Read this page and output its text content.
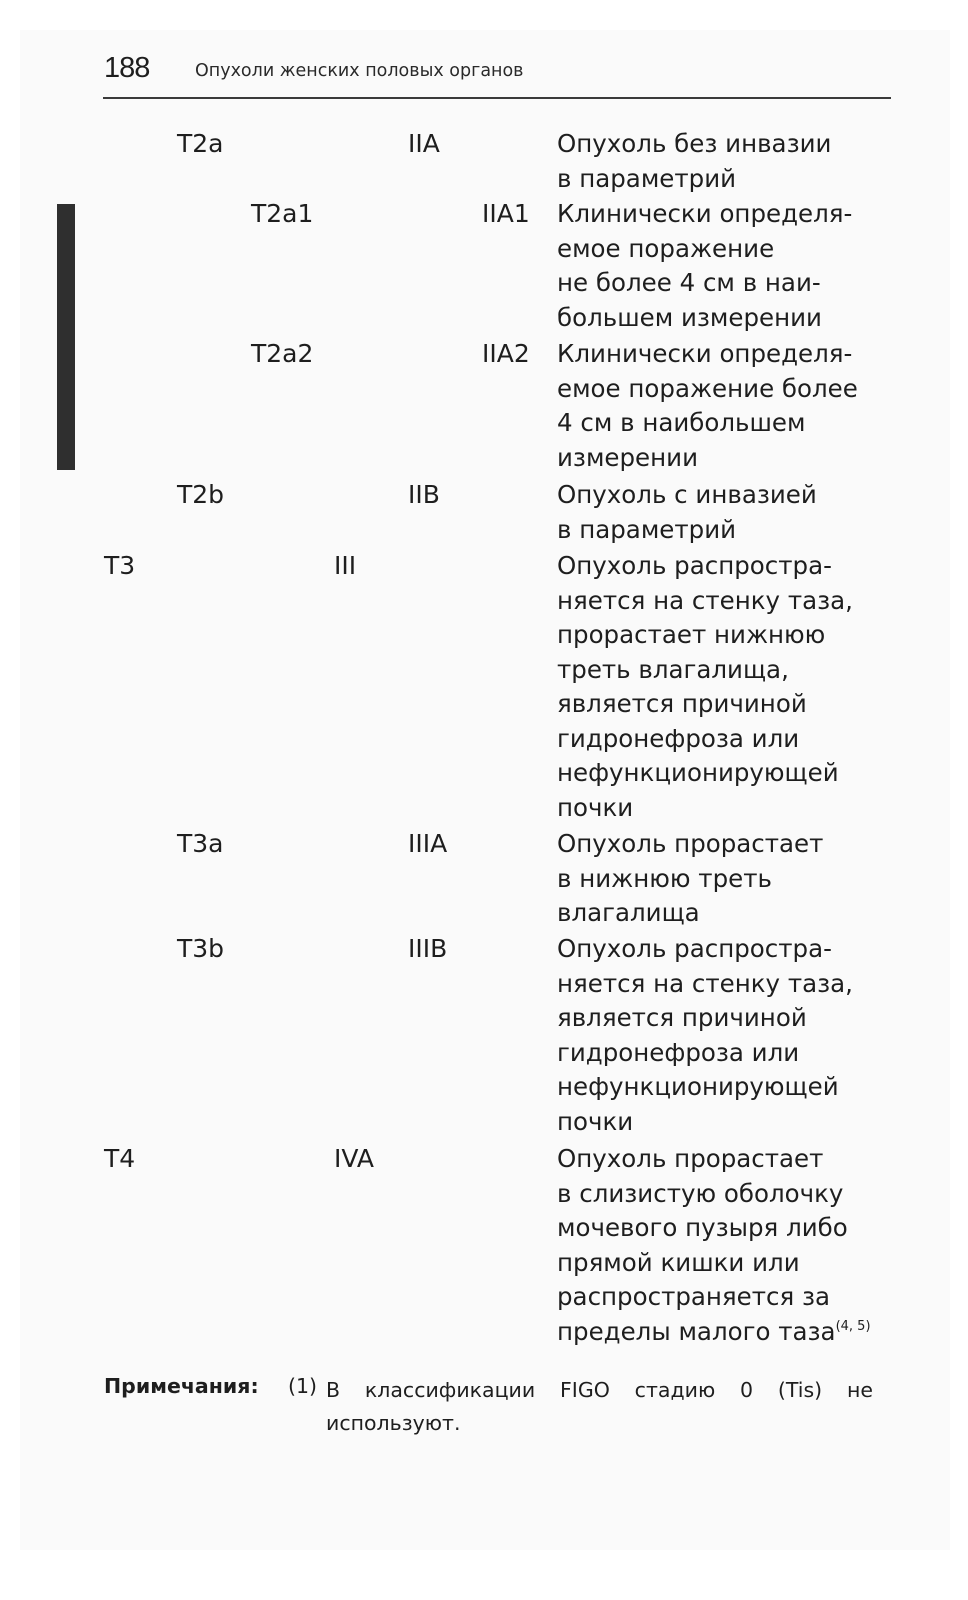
188	Опухоли женских половых органов
T2a	IIA	Опухоль без инвазии
в параметрий
T2a1	IIA1 Клинически определя-
емое поражение
не более 4 см в наи-
большем измерении
T2a2	IIA2 Клинически определя-
емое поражение более
4 см в наибольшем
измерении
T2b	IIB	Опухоль с инвазией
в параметрий
T3	III	Опухоль распростра-
няется на стенку таза,
прорастает нижнюю
треть влагалища,
является причиной
гидронефроза или
нефункционирующей
почки
T3a	IIIA	Опухоль прорастает
в нижнюю треть
влагалища
T3b	IIIB	Опухоль распростра-
няется на стенку таза,
является причиной
гидронефроза или
нефункционирующей
почки
T4	IVA	Опухоль прорастает
в слизистую оболочку
мочевого пузыря либо
прямой кишки или
распространяется за
пределы малого таза$^{(4, 5)}$
Примечания: (1) В классификации FIGO стадию 0 (Tis) не используют.
